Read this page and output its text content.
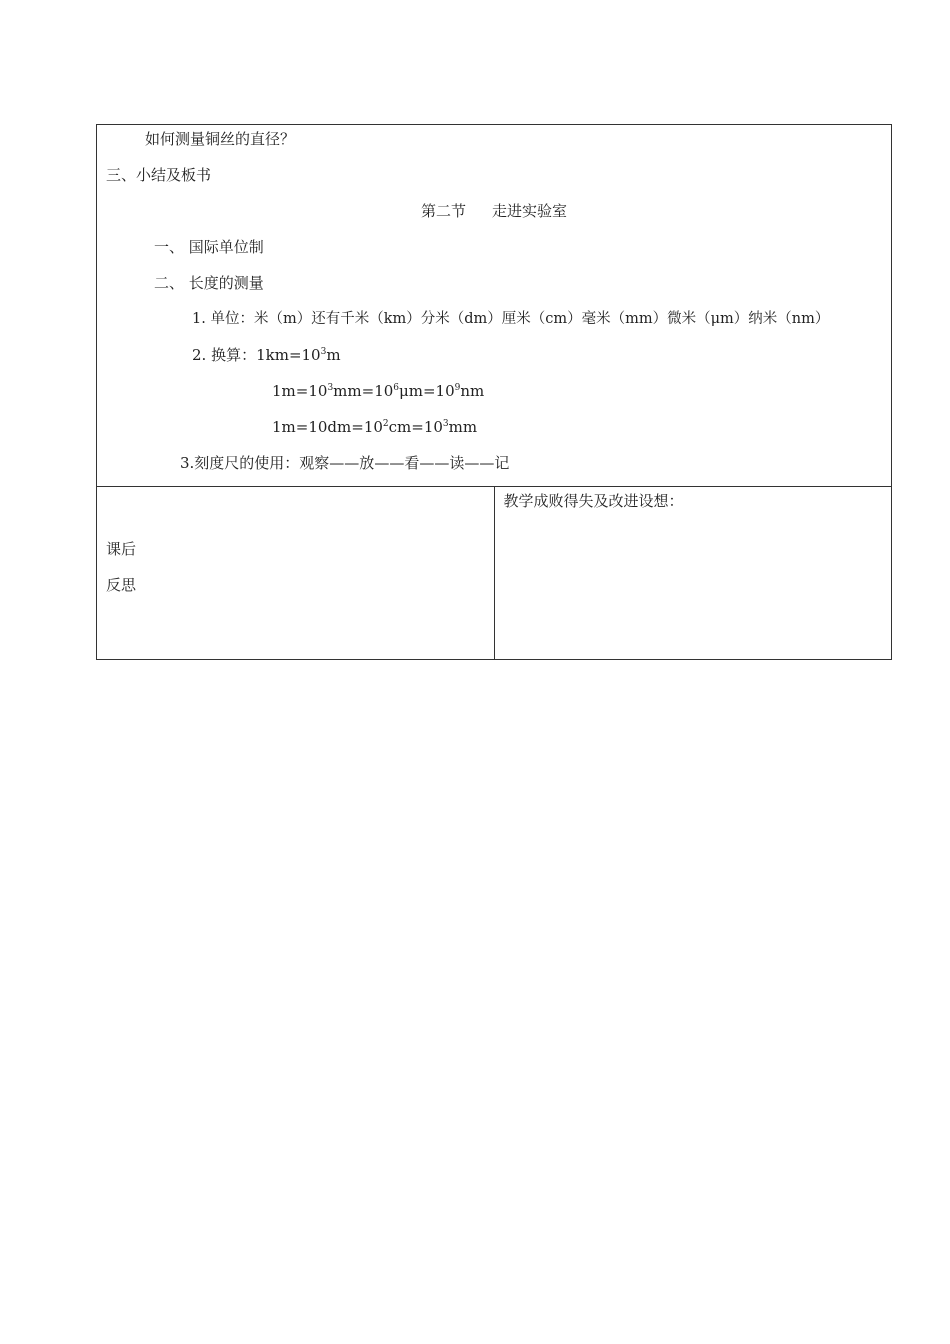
如何测量铜丝的直径？
三、小结及板书
第二节 走进实验室
一、 国际单位制
二、 长度的测量
1. 单位：米（m）还有千米（km）分米（dm）厘米（cm）毫米（mm）微米（μm）纳米（nm）
2. 换算：$1km=10^3m$
$1m=10^3mm=10^6\mu m=10^9nm$
$1m=10dm=10^2cm=10^3mm$
3.刻度尺的使用：观察——放——看——读——记

课后
反思

教学成败得失及改进设想：
